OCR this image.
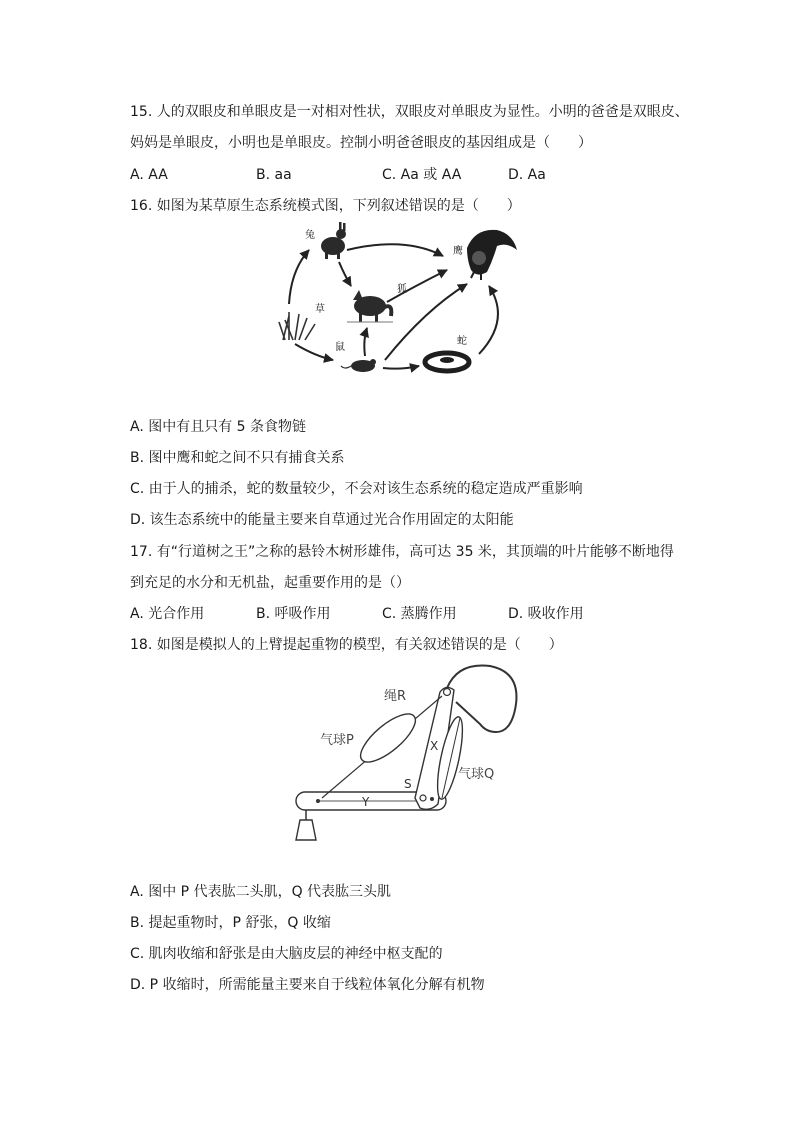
15. 人的双眼皮和单眼皮是一对相对性状，双眼皮对单眼皮为显性。小明的爸爸是双眼皮、
妈妈是单眼皮，小明也是单眼皮。控制小明爸爸眼皮的基因组成是（　　）
A. AA	B. aa	C. Aa 或 AA	D. Aa
16. 如图为某草原生态系统模式图，下列叙述错误的是（　　）
兔
鹰
狐
草
鼠
蛇
A. 图中有且只有 5 条食物链
B. 图中鹰和蛇之间不只有捕食关系
C. 由于人的捕杀，蛇的数量较少，不会对该生态系统的稳定造成严重影响
D. 该生态系统中的能量主要来自草通过光合作用固定的太阳能
17. 有“行道树之王”之称的悬铃木树形雄伟，高可达 35 米，其顶端的叶片能够不断地得
到充足的水分和无机盐，起重要作用的是（）
A. 光合作用	B. 呼吸作用	C. 蒸腾作用	D. 吸收作用
18. 如图是模拟人的上臂提起重物的模型，有关叙述错误的是（　　）
绳R
气球P
气球Q
X
Y
S
A. 图中 P 代表肱二头肌，Q 代表肱三头肌
B. 提起重物时，P 舒张，Q 收缩
C. 肌肉收缩和舒张是由大脑皮层的神经中枢支配的
D. P 收缩时，所需能量主要来自于线粒体氧化分解有机物
